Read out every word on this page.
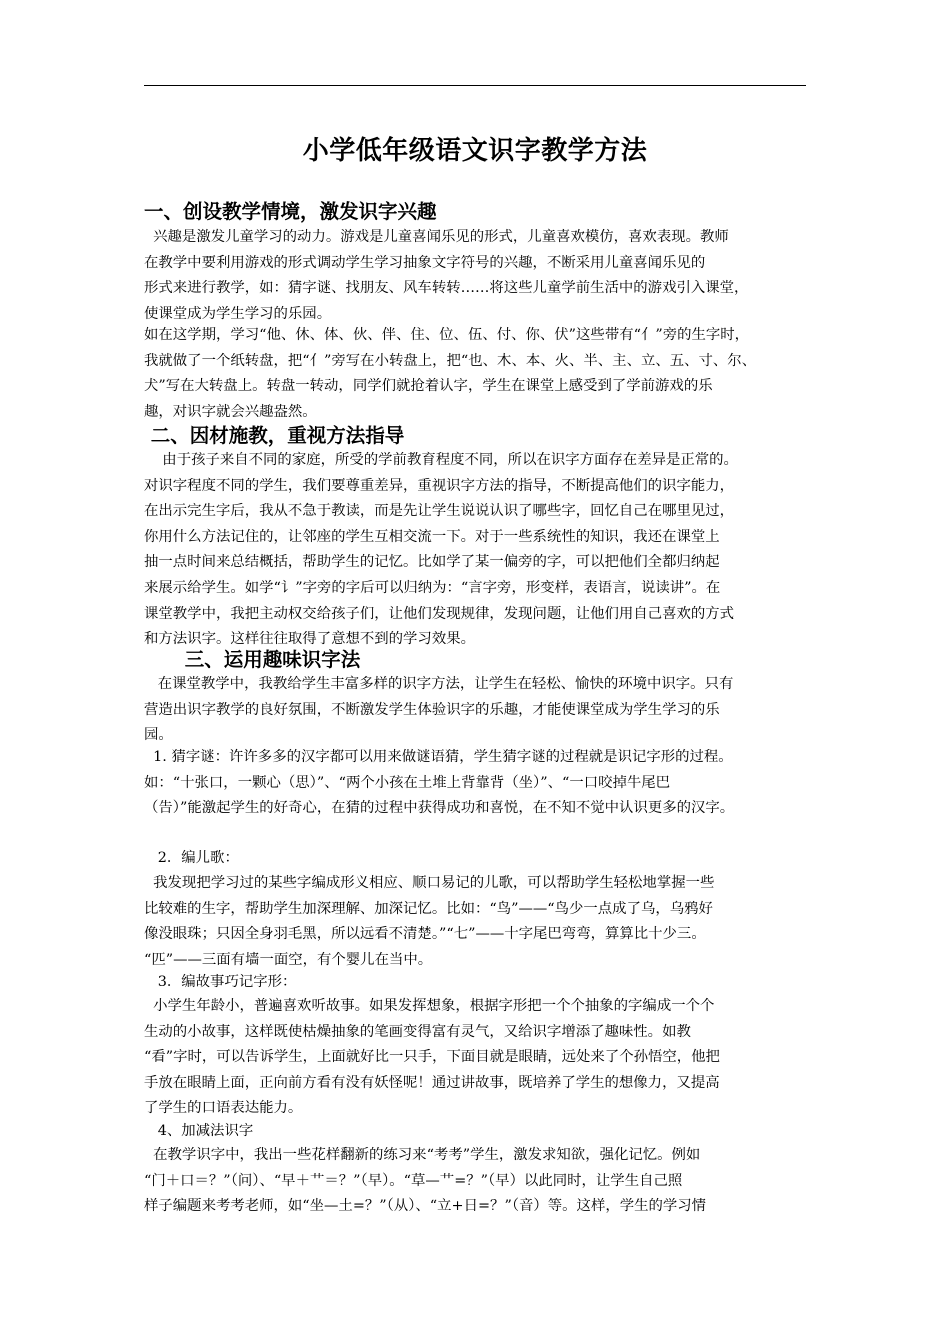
小学低年级语文识字教学方法
一、创设教学情境，激发识字兴趣

兴趣是激发儿童学习的动力。游戏是儿童喜闻乐见的形式，儿童喜欢模仿，喜欢表现。教师
在教学中要利用游戏的形式调动学生学习抽象文字符号的兴趣，不断采用儿童喜闻乐见的
形式来进行教学，如：猜字谜、找朋友、风车转转……将这些儿童学前生活中的游戏引入课堂，
使课堂成为学生学习的乐园。

如在这学期，学习“他、休、体、伙、伴、住、位、伍、付、你、伏”这些带有“亻”旁的生字时，
我就做了一个纸转盘，把“亻”旁写在小转盘上，把“也、木、本、火、半、主、立、五、寸、尔、
犬”写在大转盘上。转盘一转动，同学们就抢着认字，学生在课堂上感受到了学前游戏的乐
趣，对识字就会兴趣盎然。

二、因材施教，重视方法指导

由于孩子来自不同的家庭，所受的学前教育程度不同，所以在识字方面存在差异是正常的。
对识字程度不同的学生，我们要尊重差异，重视识字方法的指导，不断提高他们的识字能力，
在出示完生字后，我从不急于教读，而是先让学生说说认识了哪些字，回忆自己在哪里见过，
你用什么方法记住的，让邻座的学生互相交流一下。对于一些系统性的知识，我还在课堂上
抽一点时间来总结概括，帮助学生的记忆。比如学了某一偏旁的字，可以把他们全都归纳起
来展示给学生。如学“讠”字旁的字后可以归纳为：“言字旁，形变样，表语言，说读讲”。在
课堂教学中，我把主动权交给孩子们，让他们发现规律，发现问题，让他们用自己喜欢的方式
和方法识字。这样往往取得了意想不到的学习效果。

三、运用趣味识字法

在课堂教学中，我教给学生丰富多样的识字方法，让学生在轻松、愉快的环境中识字。只有
营造出识字教学的良好氛围，不断激发学生体验识字的乐趣，才能使课堂成为学生学习的乐
园。

1. 猜字谜：许许多多的汉字都可以用来做谜语猜，学生猜字谜的过程就是识记字形的过程。
如：“十张口，一颗心（思）”、“两个小孩在土堆上背靠背（坐）”、“一口咬掉牛尾巴
（告）”能激起学生的好奇心，在猜的过程中获得成功和喜悦，在不知不觉中认识更多的汉字。

2．编儿歌：

我发现把学习过的某些字编成形义相应、顺口易记的儿歌，可以帮助学生轻松地掌握一些
比较难的生字，帮助学生加深理解、加深记忆。比如：“鸟”——“鸟少一点成了乌，乌鸦好
像没眼珠；只因全身羽毛黑，所以远看不清楚。”“七”——十字尾巴弯弯，算算比十少三。
“匹”——三面有墙一面空，有个婴儿在当中。

3．编故事巧记字形：

小学生年龄小，普遍喜欢听故事。如果发挥想象，根据字形把一个个抽象的字编成一个个
生动的小故事，这样既使枯燥抽象的笔画变得富有灵气，又给识字增添了趣味性。如教
“看”字时，可以告诉学生，上面就好比一只手，下面目就是眼睛，远处来了个孙悟空，他把
手放在眼睛上面，正向前方看有没有妖怪呢！通过讲故事，既培养了学生的想像力，又提高
了学生的口语表达能力。

4、加减法识字

在教学识字中，我出一些花样翻新的练习来“考考”学生，激发求知欲，强化记忆。例如
“门＋口＝？”（问）、“早＋艹＝？”（早）。“草—艹=？”（早）以此同时，让学生自己照
样子编题来考考老师，如“坐—土=？”（从）、“立+日=？”（音）等。这样，学生的学习情
